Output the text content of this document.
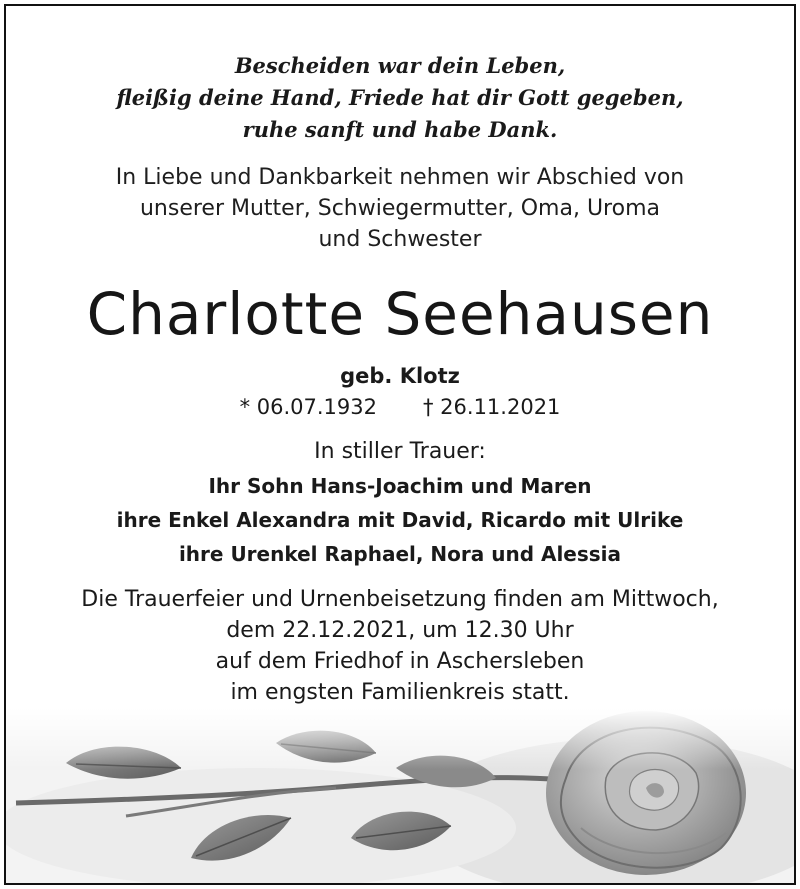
Bescheiden war dein Leben,
fleißig deine Hand, Friede hat dir Gott gegeben,
ruhe sanft und habe Dank.
In Liebe und Dankbarkeit nehmen wir Abschied von
unserer Mutter, Schwiegermutter, Oma, Uroma
und Schwester
Charlotte Seehausen
geb. Klotz
* 06.07.1932 † 26.11.2021
In stiller Trauer:
Ihr Sohn Hans-Joachim und Maren
ihre Enkel Alexandra mit David, Ricardo mit Ulrike
ihre Urenkel Raphael, Nora und Alessia
Die Trauerfeier und Urnenbeisetzung finden am Mittwoch,
dem 22.12.2021, um 12.30 Uhr
auf dem Friedhof in Aschersleben
im engsten Familienkreis statt.
